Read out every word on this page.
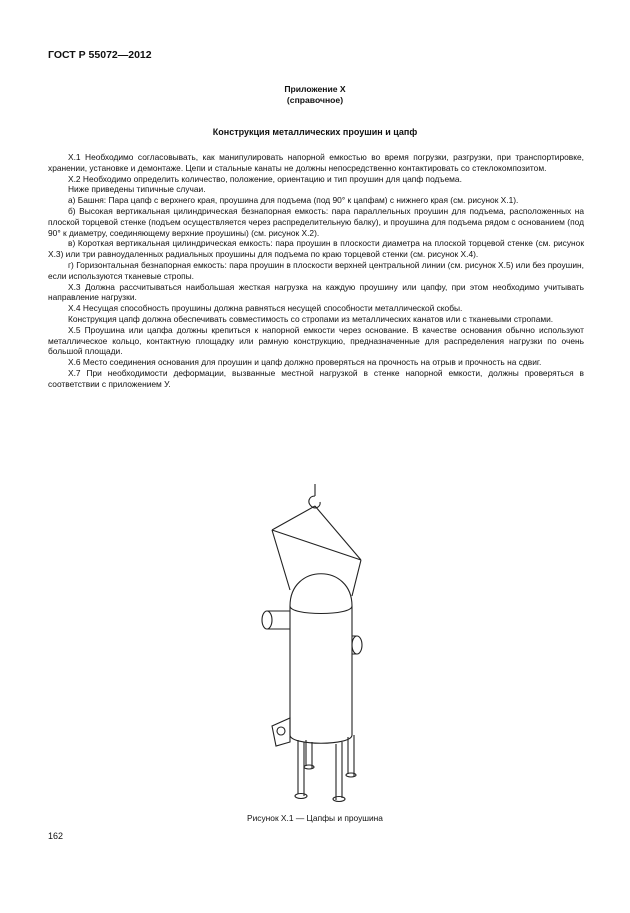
ГОСТ Р 55072—2012
Приложение Х
(справочное)
Конструкция металлических проушин и цапф

Х.1 Необходимо согласовывать, как манипулировать напорной емкостью во время погрузки, разгрузки, при транспортировке, хранении, установке и демонтаже. Цепи и стальные канаты не должны непосредственно контактировать со стеклокомпозитом.

Х.2 Необходимо определить количество, положение, ориентацию и тип проушин для цапф подъема.

Ниже приведены типичные случаи.

а) Башня: Пара цапф с верхнего края, проушина для подъема (под 90° к цапфам) с нижнего края (см. рисунок Х.1).

б) Высокая вертикальная цилиндрическая безнапорная емкость: пара параллельных проушин для подъема, расположенных на плоской торцевой стенке (подъем осуществляется через распределительную балку), и проушина для подъема рядом с основанием (под 90° к диаметру, соединяющему верхние проушины) (см. рисунок Х.2).

в) Короткая вертикальная цилиндрическая емкость: пара проушин в плоскости диаметра на плоской торцевой стенке (см. рисунок Х.3) или три равноудаленных радиальных проушины для подъема по краю торцевой стенки (см. рисунок Х.4).

г) Горизонтальная безнапорная емкость: пара проушин в плоскости верхней центральной линии (см. рисунок Х.5) или без проушин, если используются тканевые стропы.

Х.3 Должна рассчитываться наибольшая жесткая нагрузка на каждую проушину или цапфу, при этом необходимо учитывать направление нагрузки.

Х.4 Несущая способность проушины должна равняться несущей способности металлической скобы.

Конструкция цапф должна обеспечивать совместимость со стропами из металлических канатов или с тканевыми стропами.

Х.5 Проушина или цапфа должны крепиться к напорной емкости через основание. В качестве основания обычно используют металлическое кольцо, контактную площадку или рамную конструкцию, предназначенные для распределения нагрузки по очень большой площади.

Х.6 Место соединения основания для проушин и цапф должно проверяться на прочность на отрыв и прочность на сдвиг.

Х.7 При необходимости деформации, вызванные местной нагрузкой в стенке напорной емкости, должны проверяться в соответствии с приложением У.

Рисунок Х.1 — Цапфы и проушина
162
